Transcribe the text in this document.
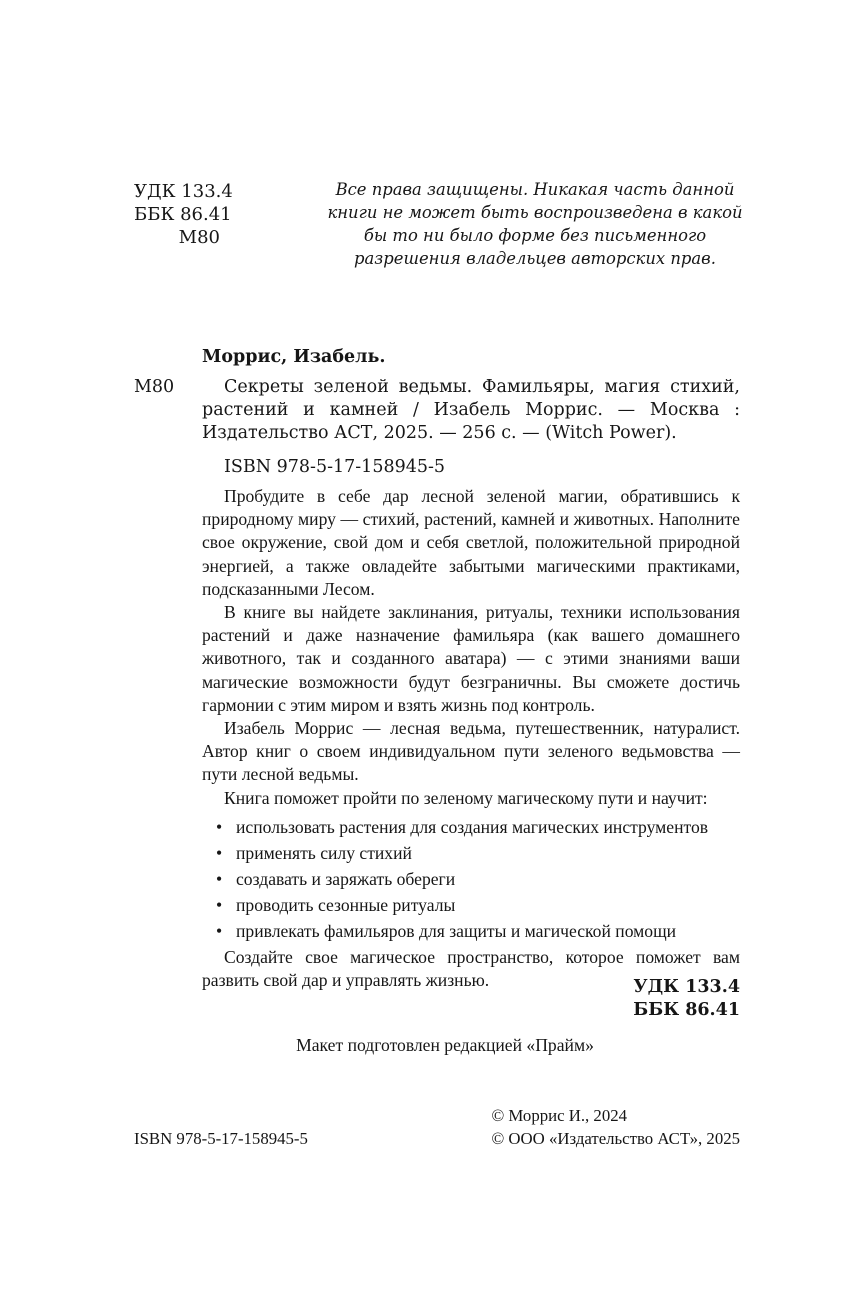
УДК 133.4
ББК 86.41
М80
Все права защищены. Никакая часть данной книги не может быть воспроизведена в какой бы то ни было форме без письменного разрешения владельцев авторских прав.
Моррис, Изабель.
М80	Секреты зеленой ведьмы. Фамильяры, магия стихий, растений и камней / Изабель Моррис. — Москва : Издательство АСТ, 2025. — 256 с. — (Witch Power).
ISBN 978-5-17-158945-5

Пробудите в себе дар лесной зеленой магии, обратившись к природному миру — стихий, растений, камней и животных. Наполните свое окружение, свой дом и себя светлой, положительной природной энергией, а также овладейте забытыми магическими практиками, подсказанными Лесом.

В книге вы найдете заклинания, ритуалы, техники использования растений и даже назначение фамильяра (как вашего домашнего животного, так и созданного аватара) — с этими знаниями ваши магические возможности будут безграничны. Вы сможете достичь гармонии с этим миром и взять жизнь под контроль.

Изабель Моррис — лесная ведьма, путешественник, натуралист. Автор книг о своем индивидуальном пути зеленого ведьмовства — пути лесной ведьмы.

Книга поможет пройти по зеленому магическому пути и научит:

• использовать растения для создания магических инструментов
• применять силу стихий
• создавать и заряжать обереги
• проводить сезонные ритуалы
• привлекать фамильяров для защиты и магической помощи

Создайте свое магическое пространство, которое поможет вам развить свой дар и управлять жизнью.	УДК 133.4
ББК 86.41
Макет подготовлен редакцией «Прайм»
© Моррис И., 2024
© ООО «Издательство АСТ», 2025
ISBN 978-5-17-158945-5
